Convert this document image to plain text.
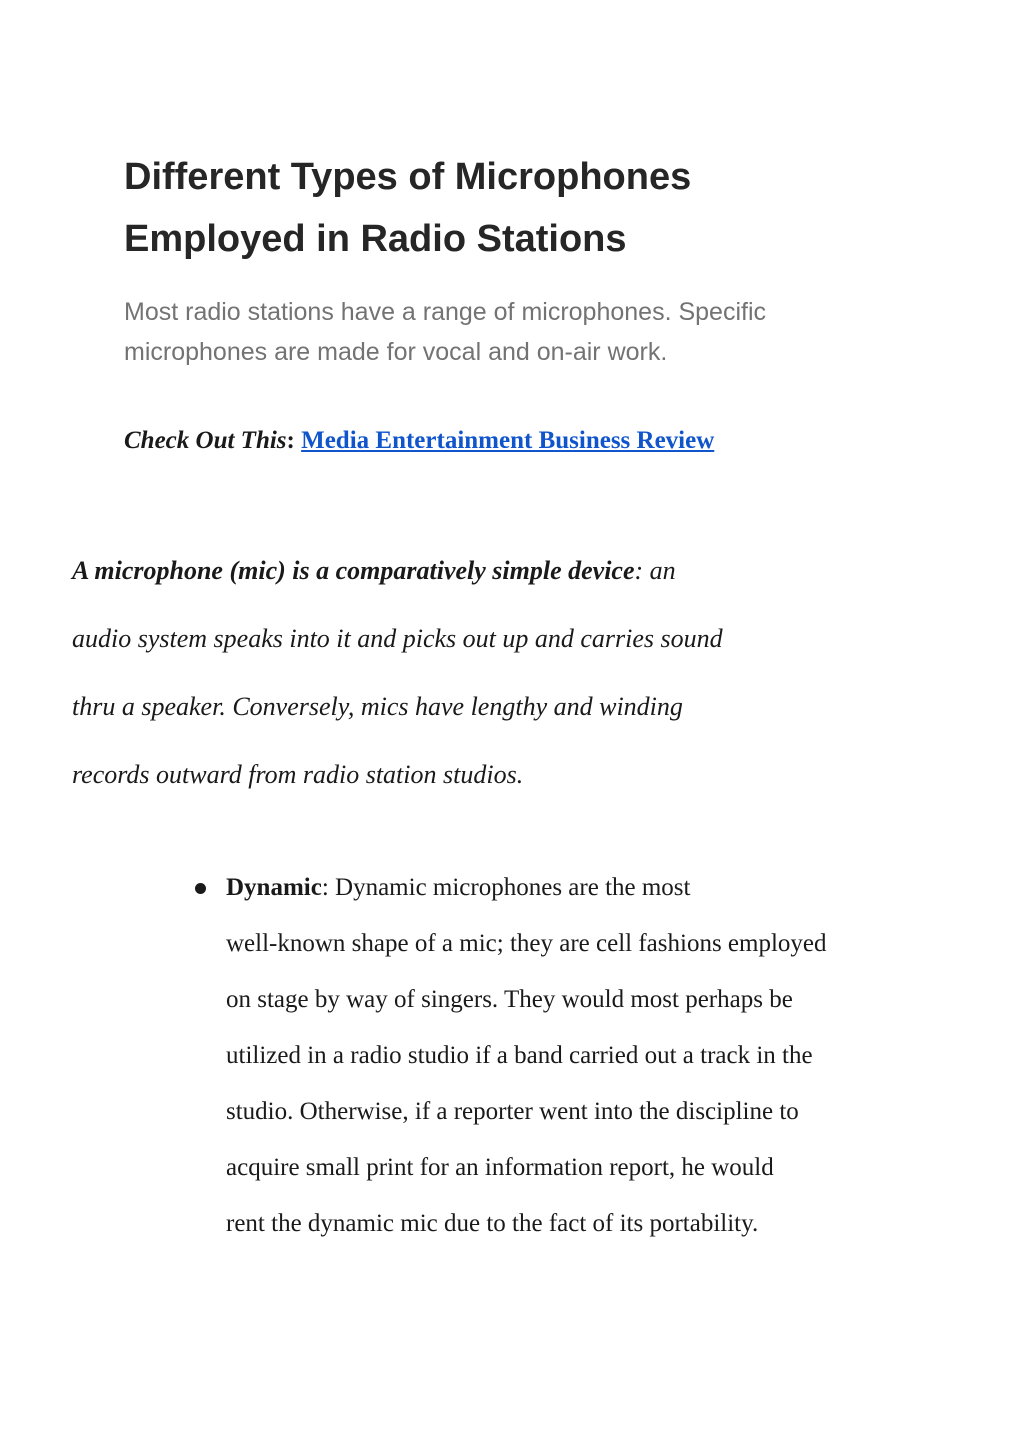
Different Types of Microphones
Employed in Radio Stations

Most radio stations have a range of microphones. Specific
microphones are made for vocal and on-air work.

Check Out This: Media Entertainment Business Review

A microphone (mic) is a comparatively simple device: an
audio system speaks into it and picks out up and carries sound
thru a speaker. Conversely, mics have lengthy and winding
records outward from radio station studios.

Dynamic: Dynamic microphones are the most
well-known shape of a mic; they are cell fashions employed
on stage by way of singers. They would most perhaps be
utilized in a radio studio if a band carried out a track in the
studio. Otherwise, if a reporter went into the discipline to
acquire small print for an information report, he would
rent the dynamic mic due to the fact of its portability.
